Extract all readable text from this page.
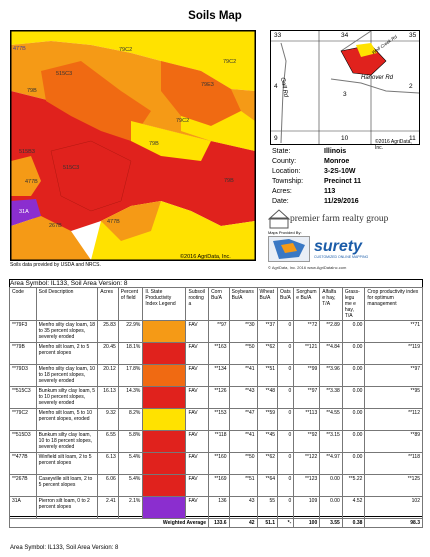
Soils Map
477B	79C2
515C3
79C2
79B
79E3
79C2
79B
515B3
515C3
477B	79B
31A
267B
477B
Soils data provided by USDA and NRCS.
©2016 AgriData, Inc.
33	34	35
4
3
2
9	10	11
Hanover Rd
Gall Rd
Wolf Creek Rd
©2016 AgriData, Inc.
State:	Illinois
County:	Monroe
Location:	3-2S-10W
Township:	Precinct 11
Acres:	113
Date:	11/29/2016
premier farm realty group
Maps Provided By:
surety
CUSTOMIZED ONLINE MAPPING
© AgriData, Inc. 2016 www.AgriDataInc.com
Area Symbol: IL133, Soil Area Version: 8
Code	Soil Description	Acres	Percent of field	Il. State Productivity Index Legend	Subsoil rooting a	Corn Bu/A	Soybeans Bu/A	Wheat Bu/A	Oats Bu/A	Sorghum e Bu/A	Alfalfa e hay, T/A	Grass-legu me e hay, T/A	Crop productivity index for optimum management
**79F3	Menfro silty clay loam, 18 to 35 percent slopes, severely eroded	25.83	22.9%		FAV	**97	**30	**37	0	**72	**2.89	0.00	**71
**79B	Menfro silt loam, 2 to 5 percent slopes	20.45	18.1%		FAV	**163	**50	**62	0	**121	**4.84	0.00	**119
**79D3	Menfro silty clay loam, 10 to 18 percent slopes, severely eroded	20.12	17.8%		FAV	**134	**41	**51	0	**99	**3.96	0.00	**97
**515C3	Bunkum silty clay loam, 5 to 10 percent slopes, severely eroded	16.13	14.3%		FAV	**126	**43	**48	0	**97	**3.38	0.00	**95
**79C2	Menfro silt loam, 5 to 10 percent slopes, eroded	9.32	8.2%		FAV	**153	**47	**59	0	**113	**4.55	0.00	**112
**515D3	Bunkum silty clay loam, 10 to 18 percent slopes, severely eroded	6.55	5.8%		FAV	**118	**41	**45	0	**92	**3.15	0.00	**89
**477B	Winfield silt loam, 2 to 5 percent slopes	6.13	5.4%		FAV	**160	**50	**62	0	**122	**4.97	0.00	**118
**267B	Caseyville silt loam, 2 to 5 percent slopes	6.06	5.4%		FAV	**169	**51	**64	0	**123	0.00	**5.22	**125
31A	Pierron silt loam, 0 to 2 percent slopes	2.41	2.1%		FAV	136	43	55	0	109	0.00	4.52	102
Weighted Average						133.6	42	51.1	*-	100	3.55	0.38	98.3
Area Symbol: IL133, Soil Area Version: 8
